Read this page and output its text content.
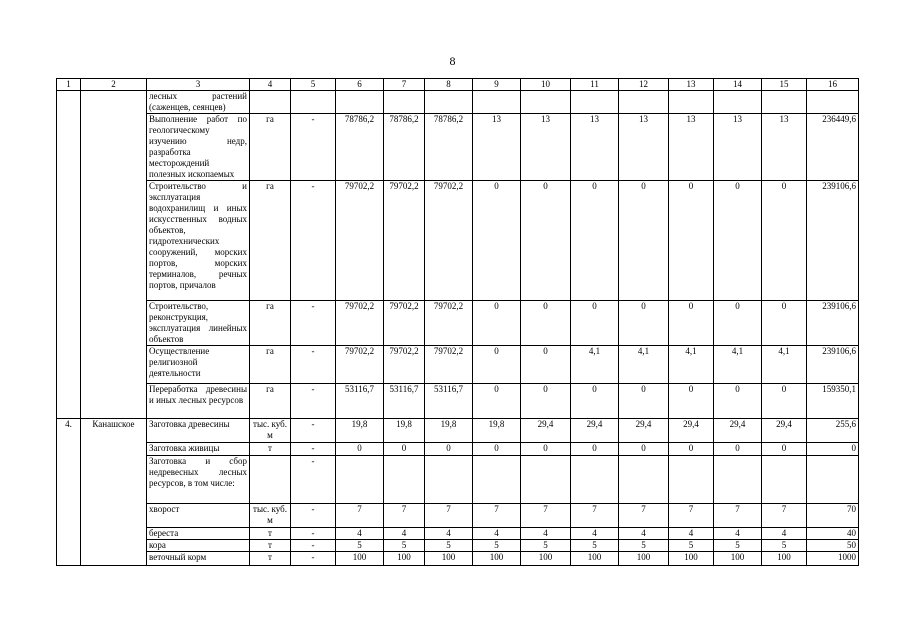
8
1	2	3	4	5	6	7	8	9	10	11	12	13	14	15	16
		лесных растений (саженцев, сеянцев)													
		Выполнение работ по геологическому изучению недр, разработка месторождений полезных ископаемых	га	-	78786,2	78786,2	78786,2	13	13	13	13	13	13	13	236449,6
		Строительство и эксплуатация водохранилищ и иных искусственных водных объектов, гидротехнических сооружений, морских портов, морских терминалов, речных портов, причалов	га	-	79702,2	79702,2	79702,2	0	0	0	0	0	0	0	239106,6
		Строительство, реконструкция, эксплуатация линейных объектов	га	-	79702,2	79702,2	79702,2	0	0	0	0	0	0	0	239106,6
		Осуществление религиозной деятельности	га	-	79702,2	79702,2	79702,2	0	0	4,1	4,1	4,1	4,1	4,1	239106,6
		Переработка древесины и иных лесных ресурсов	га	-	53116,7	53116,7	53116,7	0	0	0	0	0	0	0	159350,1
4.	Канашское	Заготовка древесины	тыс. куб. м	-	19,8	19,8	19,8	19,8	29,4	29,4	29,4	29,4	29,4	29,4	255,6
		Заготовка живицы	т	-	0	0	0	0	0	0	0	0	0	0	0
		Заготовка и сбор недревесных лесных ресурсов, в том числе:		-											
		хворост	тыс. куб. м	-	7	7	7	7	7	7	7	7	7	7	70
		береста	т	-	4	4	4	4	4	4	4	4	4	4	40
		кора	т	-	5	5	5	5	5	5	5	5	5	5	50
		веточный корм	т	-	100	100	100	100	100	100	100	100	100	100	1000
